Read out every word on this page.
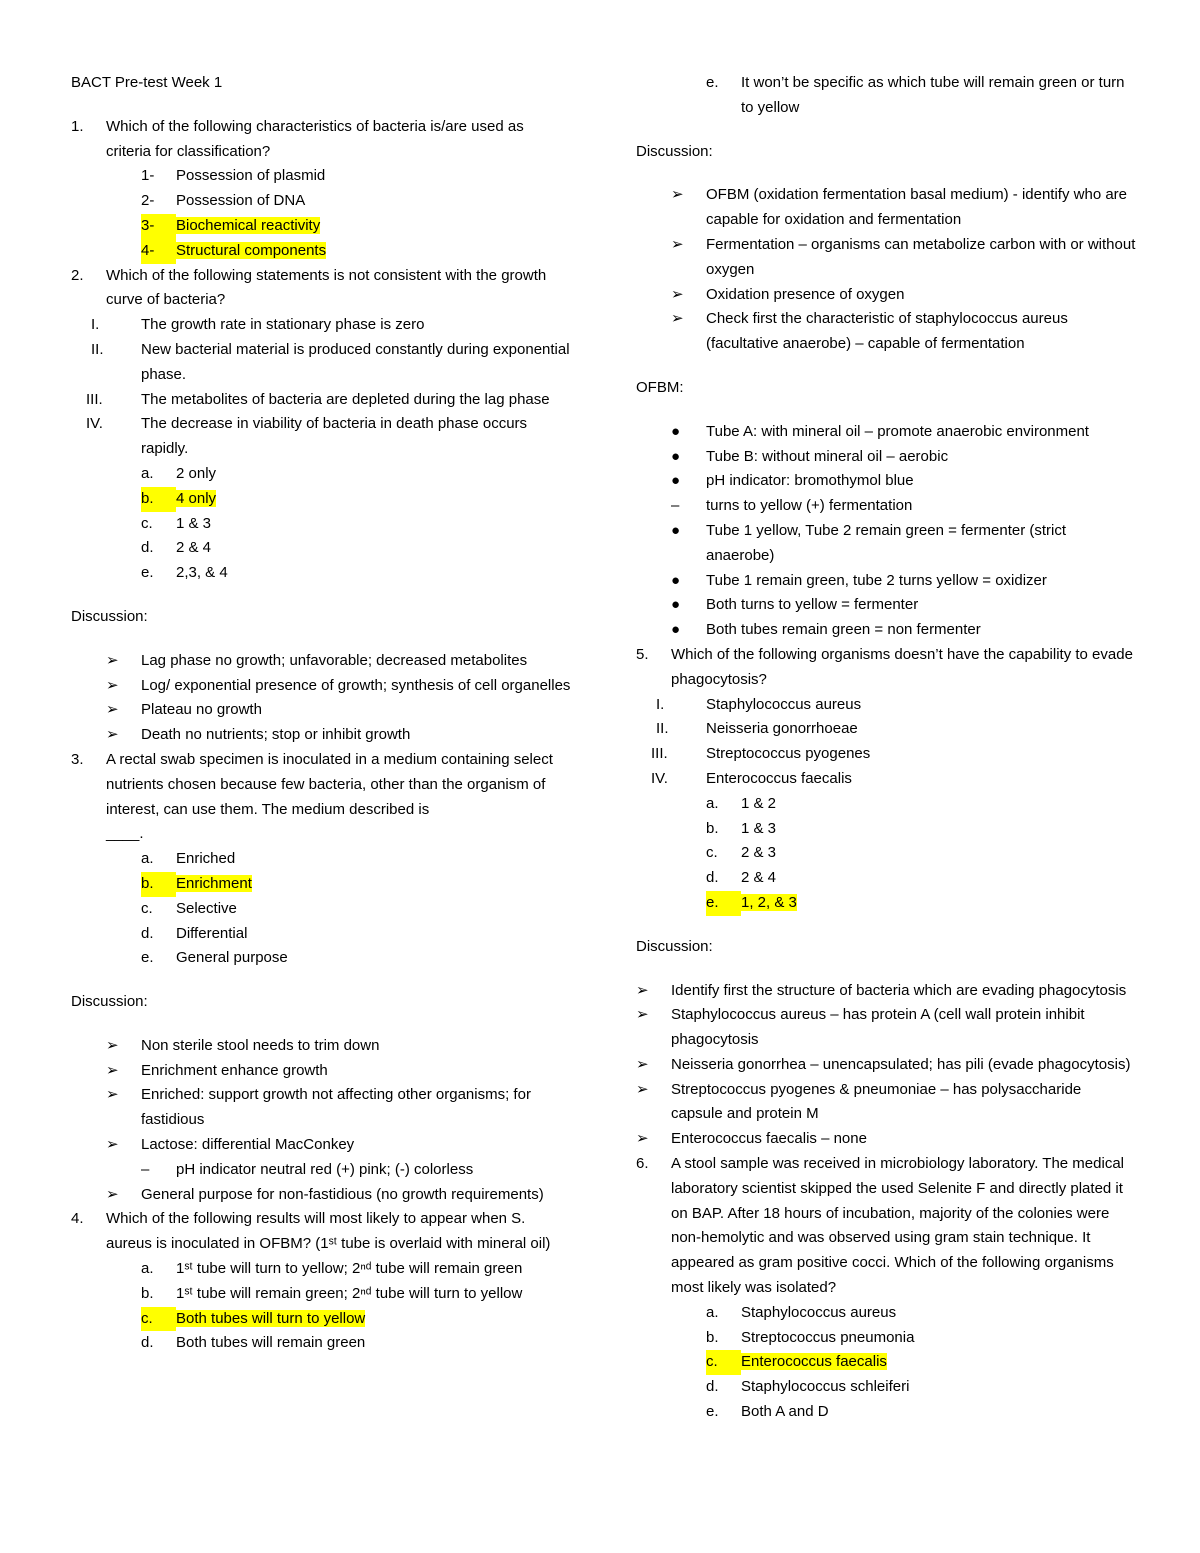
BACT Pre-test Week 1
1.	Which of the following characteristics of bacteria is/are used as criteria for classification?
1-	Possession of plasmid
2-	Possession of DNA
3-	Biochemical reactivity
4-	Structural components
2.	Which of the following statements is not consistent with the growth curve of bacteria?
I.	The growth rate in stationary phase is zero
II.	New bacterial material is produced constantly during exponential phase.
III.	The metabolites of bacteria are depleted during the lag phase
IV.	The decrease in viability of bacteria in death phase occurs rapidly.
a.	2 only
b.	4 only
c.	1 & 3
d.	2 & 4
e.	2,3, & 4
Discussion:
➢	Lag phase no growth; unfavorable; decreased metabolites
➢	Log/ exponential presence of growth; synthesis of cell organelles
➢	Plateau no growth
➢	Death no nutrients; stop or inhibit growth
3.	A rectal swab specimen is inoculated in a medium containing select nutrients chosen because few bacteria, other than the organism of interest, can use them. The medium described is
____.
a.	Enriched
b.	Enrichment
c.	Selective
d.	Differential
e.	General purpose
Discussion:
➢	Non sterile stool needs to trim down
➢	Enrichment enhance growth
➢	Enriched: support growth not affecting other organisms; for fastidious
➢	Lactose: differential MacConkey
–	pH indicator neutral red (+) pink; (-) colorless
➢	General purpose for non-fastidious (no growth requirements)
4.	Which of the following results will most likely to appear when S. aureus is inoculated in OFBM? (1ˢᵗ tube is overlaid with mineral oil)
a.	1ˢᵗ tube will turn to yellow; 2ⁿᵈ tube will remain green
b.	1ˢᵗ tube will remain green; 2ⁿᵈ tube will turn to yellow
c.	Both tubes will turn to yellow
d.	Both tubes will remain green
e.	It won’t be specific as which tube will remain green or turn to yellow
Discussion:
➢	OFBM (oxidation fermentation basal medium) - identify who are capable for oxidation and fermentation
➢	Fermentation – organisms can metabolize carbon with or without oxygen
➢	Oxidation presence of oxygen
➢	Check first the characteristic of staphylococcus aureus (facultative anaerobe) – capable of fermentation
OFBM:
●	Tube A: with mineral oil – promote anaerobic environment
●	Tube B: without mineral oil – aerobic
●	pH indicator: bromothymol blue
–	turns to yellow (+) fermentation
●	Tube 1 yellow, Tube 2 remain green = fermenter (strict anaerobe)
●	Tube 1 remain green, tube 2 turns yellow = oxidizer
●	Both turns to yellow = fermenter
●	Both tubes remain green = non fermenter
5.	Which of the following organisms doesn’t have the capability to evade phagocytosis?
I.	Staphylococcus aureus
II.	Neisseria gonorrhoeae
III.	Streptococcus pyogenes
IV.	Enterococcus faecalis
a.	1 & 2
b.	1 & 3
c.	2 & 3
d.	2 & 4
e.	1, 2, & 3
Discussion:
➢	Identify first the structure of bacteria which are evading phagocytosis
➢	Staphylococcus aureus – has protein A (cell wall protein inhibit phagocytosis
➢	Neisseria gonorrhea – unencapsulated; has pili (evade phagocytosis)
➢	Streptococcus pyogenes & pneumoniae – has polysaccharide capsule and protein M
➢	Enterococcus faecalis – none
6.	A stool sample was received in microbiology laboratory. The medical laboratory scientist skipped the used Selenite F and directly plated it on BAP. After 18 hours of incubation, majority of the colonies were non-hemolytic and was observed using gram stain technique. It appeared as gram positive cocci. Which of the following organisms most likely was isolated?
a.	Staphylococcus aureus
b.	Streptococcus pneumonia
c.	Enterococcus faecalis
d.	Staphylococcus schleiferi
e.	Both A and D
